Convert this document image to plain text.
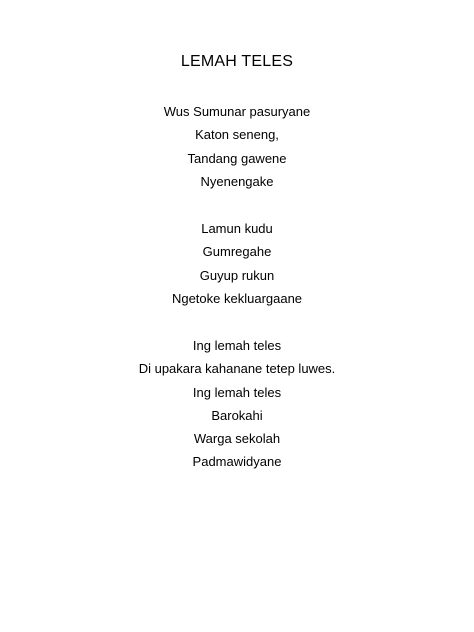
LEMAH TELES
Wus Sumunar pasuryane
Katon seneng,
Tandang gawene
Nyenengake
Lamun kudu
Gumregahe
Guyup rukun
Ngetoke kekluargaane
Ing lemah teles
Di upakara kahanane tetep luwes.
Ing lemah teles
Barokahi
Warga sekolah
Padmawidyane
